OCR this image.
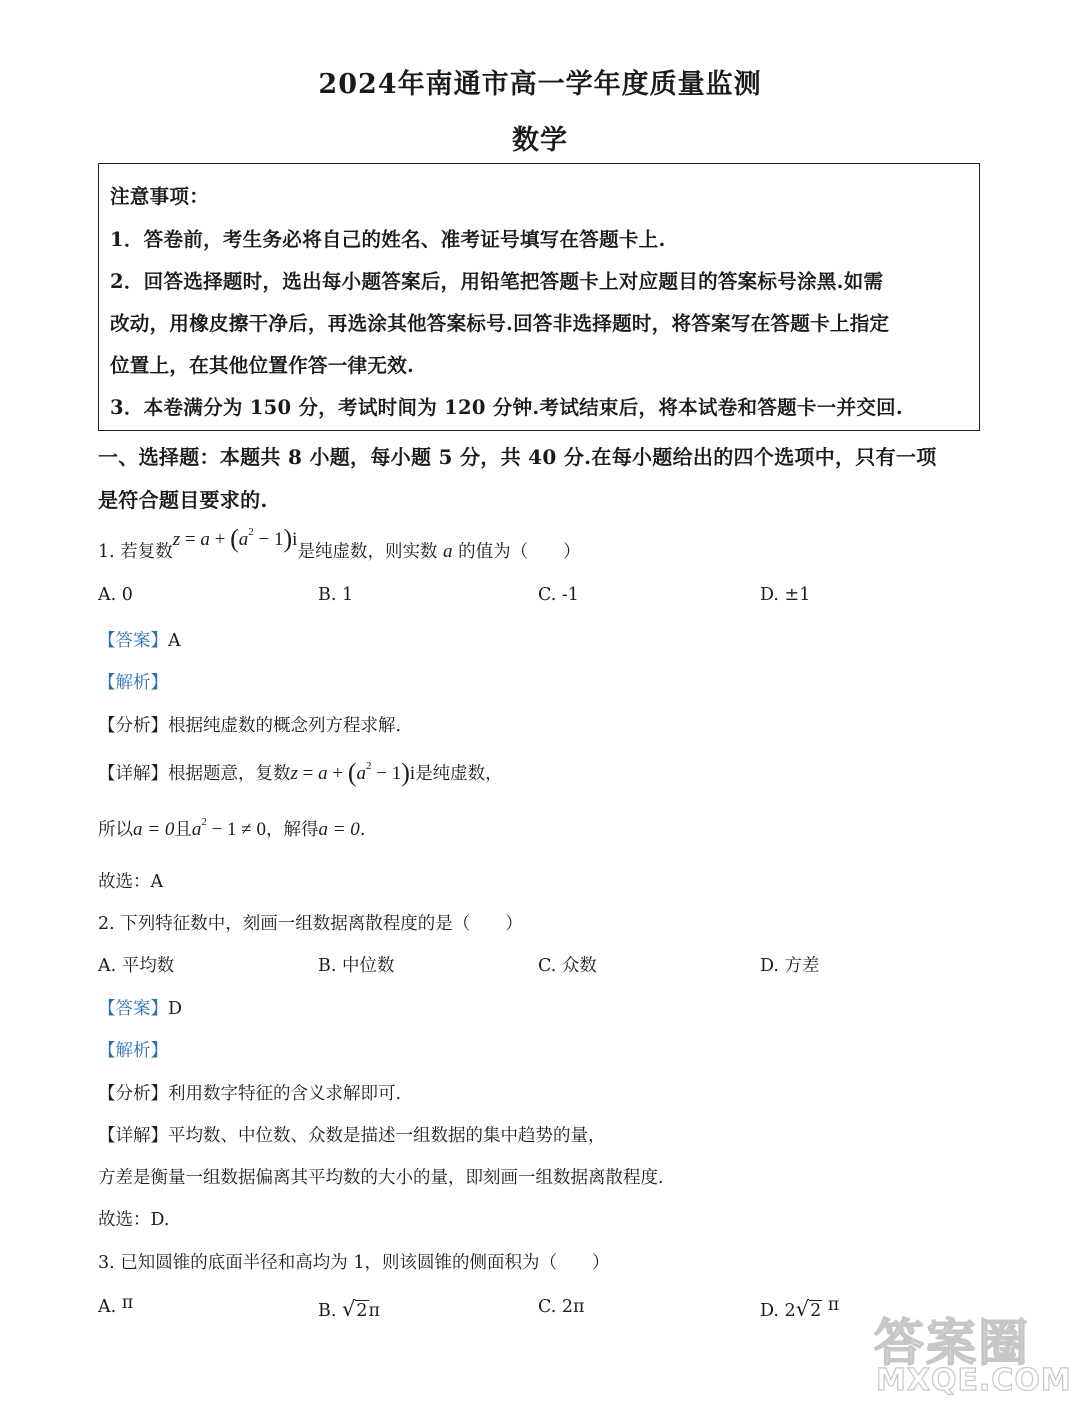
2024年南通市高一学年度质量监测
数学
注意事项：
1．答卷前，考生务必将自己的姓名、准考证号填写在答题卡上.
2．回答选择题时，选出每小题答案后，用铅笔把答题卡上对应题目的答案标号涂黑.如需
改动，用橡皮擦干净后，再选涂其他答案标号.回答非选择题时，将答案写在答题卡上指定
位置上，在其他位置作答一律无效.
3．本卷满分为 150 分，考试时间为 120 分钟.考试结束后，将本试卷和答题卡一并交回.
一、选择题：本题共 8 小题，每小题 5 分，共 40 分.在每小题给出的四个选项中，只有一项
是符合题目要求的.
1. 若复数$z = a + (a^2 - 1)i$是纯虚数，则实数 a 的值为（　　）
A. 0	B. 1	C. -1	D. ±1
【答案】A
【解析】
【分析】根据纯虚数的概念列方程求解.
【详解】根据题意，复数$z = a + (a^2 - 1)i$是纯虚数，
所以a = 0且$a^2 - 1 \ne 0$，解得a = 0.
故选：A
2. 下列特征数中，刻画一组数据离散程度的是（　　）
A. 平均数	B. 中位数	C. 众数	D. 方差
【答案】D
【解析】
【分析】利用数字特征的含义求解即可.
【详解】平均数、中位数、众数是描述一组数据的集中趋势的量，
方差是衡量一组数据偏离其平均数的大小的量，即刻画一组数据离散程度.
故选：D.
3. 已知圆锥的底面半径和高均为 1，则该圆锥的侧面积为（　　）
A. π	B. √2π	C. 2π	D. 2√2 π
答案圈
MXQE.COM
